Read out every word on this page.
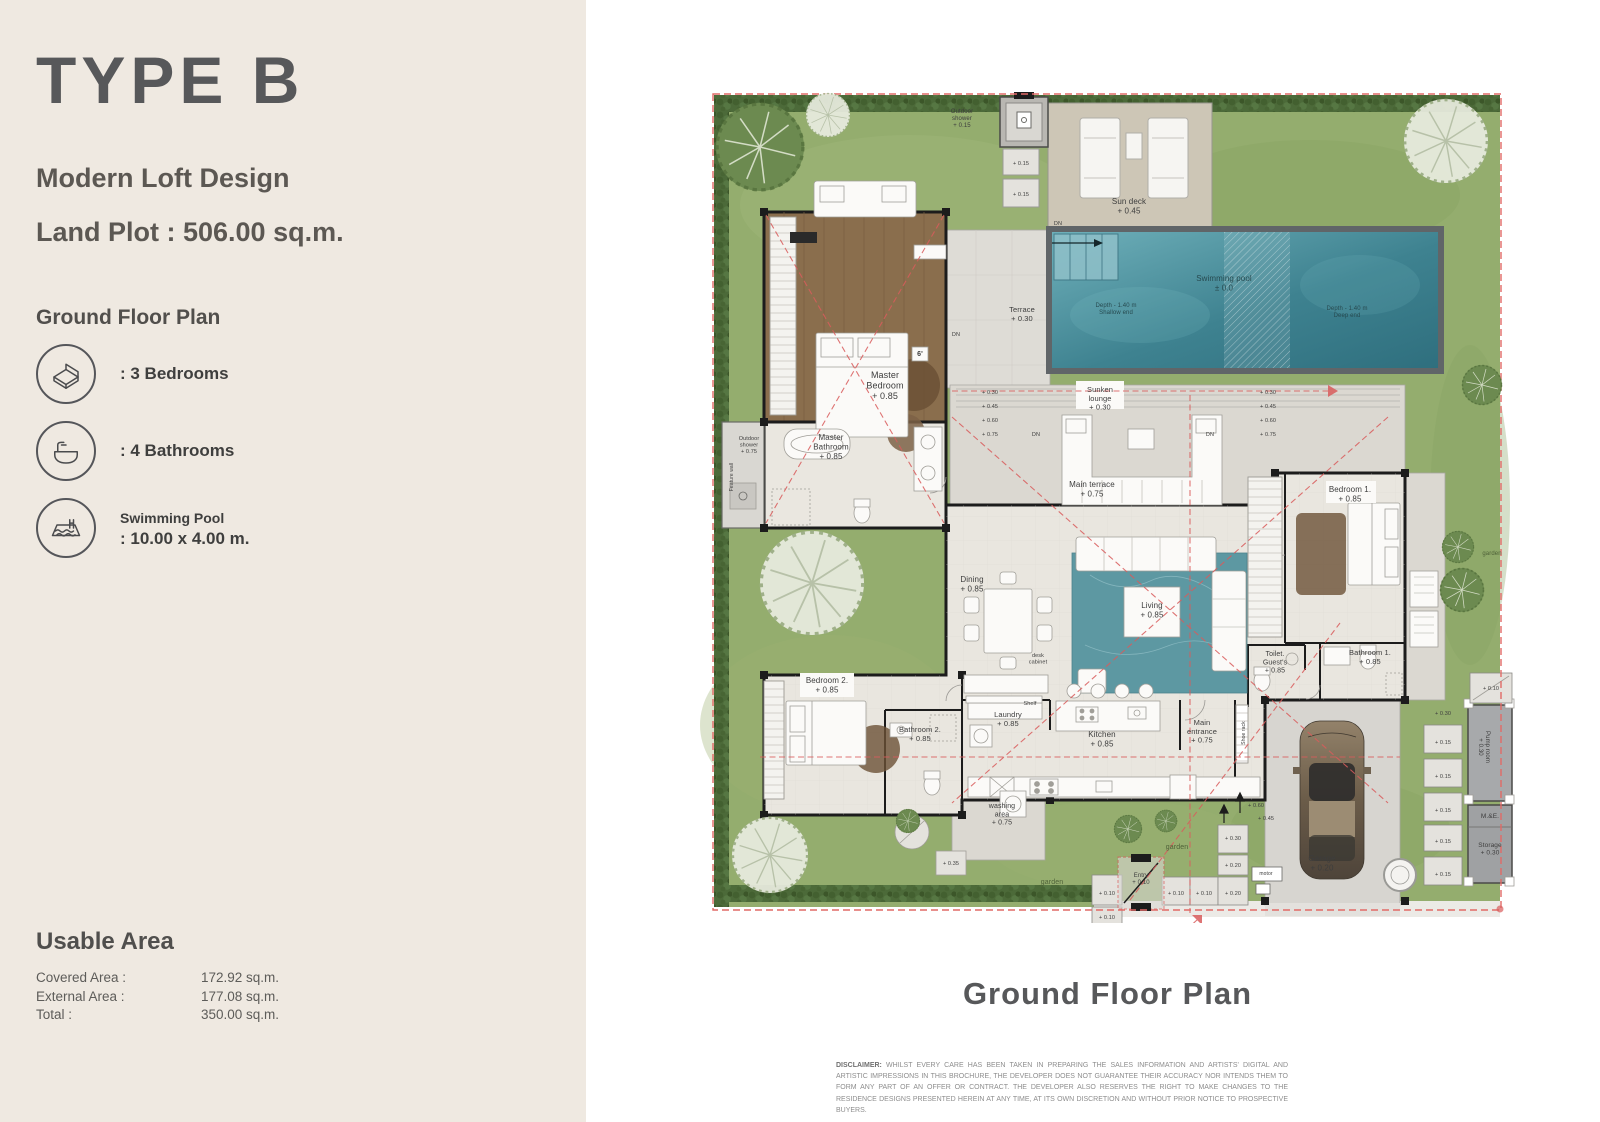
TYPE B

Modern Loft Design

Land Plot : 506.00 sq.m.

Ground Floor Plan

: 3 Bedrooms
: 4 Bathrooms
Swimming Pool
: 10.00 x 4.00 m.
Usable Area
Covered Area :	172.92 sq.m.
External Area :	177.08 sq.m.
Total :	350.00 sq.m.
Outdoor shower + 0.15
+ 0.15
+ 0.15
Sun deck + 0.45
Swimming pool ± 0.0
Depth - 1.40 m Shallow end
Depth - 1.40 m Deep end
DN
Terrace + 0.30
DN
Master Bedroom + 0.85
6'
Master Bathroom + 0.85
Outdoor shower + 0.75
Feature wall
Sunken lounge + 0.30
Main terrace + 0.75
+ 0.30
+ 0.45
+ 0.60
+ 0.75	DN
+ 0.30
+ 0.45
+ 0.60
+ 0.75
DN
Bedroom 1. + 0.85
Bathroom 1. + 0.85
Toilet. Guest's + 0.85
Dining + 0.85
Living + 0.85
Bedroom 2. + 0.85
Bathroom 2. + 0.85
Laundry + 0.85
desk cabinet
Shelf
Kitchen + 0.85
Main entrance + 0.75	Shoe rack
washing area + 0.75
+ 0.35
garden
garden
garden
Entry + 0.10
+ 0.10
+ 0.10
+ 0.10 + 0.10 + 0.20
+ 0.30
+ 0.20
motor
Garage + 0.20
+ 0.60
+ 0.45
+ 0.30
+ 0.15
+ 0.15
+ 0.15
+ 0.15
+ 0.15
+ 0.10
Pump room+ 0.30
M.&E.
Storage + 0.30
Ground Floor Plan

DISCLAIMER: WHILST EVERY CARE HAS BEEN TAKEN IN PREPARING THE SALES INFORMATION AND ARTISTS' DIGITAL AND ARTISTIC IMPRESSIONS IN THIS BROCHURE, THE DEVELOPER DOES NOT GUARANTEE THEIR ACCURACY NOR INTENDS THEM TO FORM ANY PART OF AN OFFER OR CONTRACT. THE DEVELOPER ALSO RESERVES THE RIGHT TO MAKE CHANGES TO THE RESIDENCE DESIGNS PRESENTED HEREIN AT ANY TIME, AT ITS OWN DISCRETION AND WITHOUT PRIOR NOTICE TO PROSPECTIVE BUYERS.
